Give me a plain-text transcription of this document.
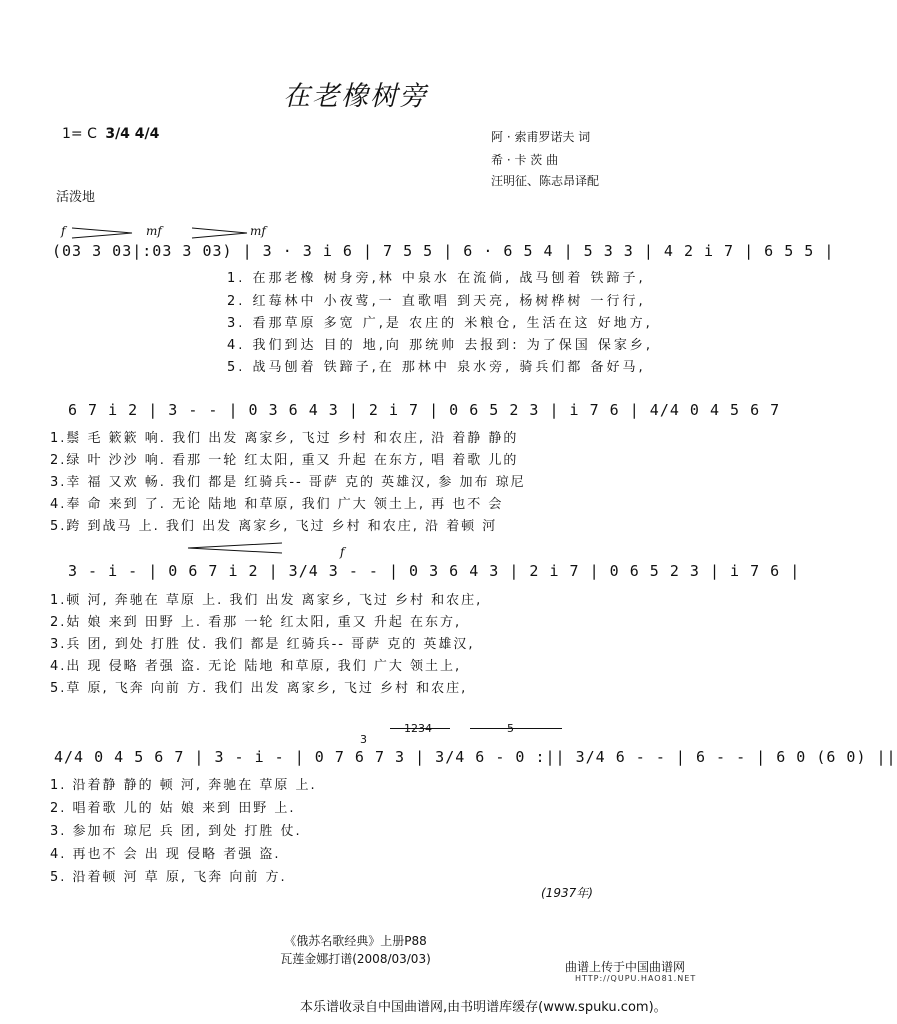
在老橡树旁
1= C 3/4 4/4	阿 · 索甫罗诺夫 词
希 · 卡 茨 曲
汪明征、陈志昂译配
活泼地
f	mf	mf
(03 3 03|:03 3 03) | 3 · 3 i 6 | 7 5 5 | 6 · 6 5 4 | 5 3 3 | 4 2 i 7 | 6 5 5 |
1. 在那老橡 树身旁,林 中泉水 在流倘, 战马刨着 铁蹄子,
2. 红莓林中 小夜莺,一 直歌唱 到天亮, 杨树桦树 一行行,
3. 看那草原 多宽 广,是 农庄的 米粮仓, 生活在这 好地方,
4. 我们到达 目的 地,向 那统帅 去报到: 为了保国 保家乡,
5. 战马刨着 铁蹄子,在 那林中 泉水旁, 骑兵们都 备好马,
6 7 i 2 | 3 - - | 0 3 6 4 3 | 2 i 7 | 0 6 5 2 3 | i 7 6 | 4/4 0 4 5 6 7
1.鬃 毛 簌簌 响. 我们 出发 离家乡, 飞过 乡村 和农庄, 沿 着静 静的
2.绿 叶 沙沙 响. 看那 一轮 红太阳, 重又 升起 在东方, 唱 着歌 儿的
3.幸 福 又欢 畅. 我们 都是 红骑兵-- 哥萨 克的 英雄汉, 参 加布 琼尼
4.奉 命 来到 了. 无论 陆地 和草原, 我们 广大 领土上, 再 也不 会
5.跨 到战马 上. 我们 出发 离家乡, 飞过 乡村 和农庄, 沿 着顿 河
f
3 - i - | 0 6 7 i 2 | 3/4 3 - - | 0 3 6 4 3 | 2 i 7 | 0 6 5 2 3 | i 7 6 |
1.顿 河, 奔驰在 草原 上. 我们 出发 离家乡, 飞过 乡村 和农庄,
2.姑 娘 来到 田野 上. 看那 一轮 红太阳, 重又 升起 在东方,
3.兵 团, 到处 打胜 仗. 我们 都是 红骑兵-- 哥萨 克的 英雄汉,
4.出 现 侵略 者强 盗. 无论 陆地 和草原, 我们 广大 领土上,
5.草 原, 飞奔 向前 方. 我们 出发 离家乡, 飞过 乡村 和农庄,
3
1234	5
4/4 0 4 5 6 7 | 3 - i - | 0 7 6 7 3 | 3/4 6 - 0 :|| 3/4 6 - - | 6 - - | 6 0 (6 0) ||
1. 沿着静 静的 顿 河, 奔驰在 草原 上.
2. 唱着歌 儿的 姑 娘 来到 田野 上.
3. 参加布 琼尼 兵 团, 到处 打胜 仗.
4. 再也不 会 出 现 侵略 者强 盗.
5. 沿着顿 河 草 原, 飞奔 向前 方.
(1937年)
《俄苏名歌经典》上册P88
瓦莲金娜打谱(2008/03/03)
曲谱上传于中国曲谱网
HTTP://QUPU.HAO81.NET
本乐谱收录自中国曲谱网,由书明谱库缓存(www.spuku.com)。
